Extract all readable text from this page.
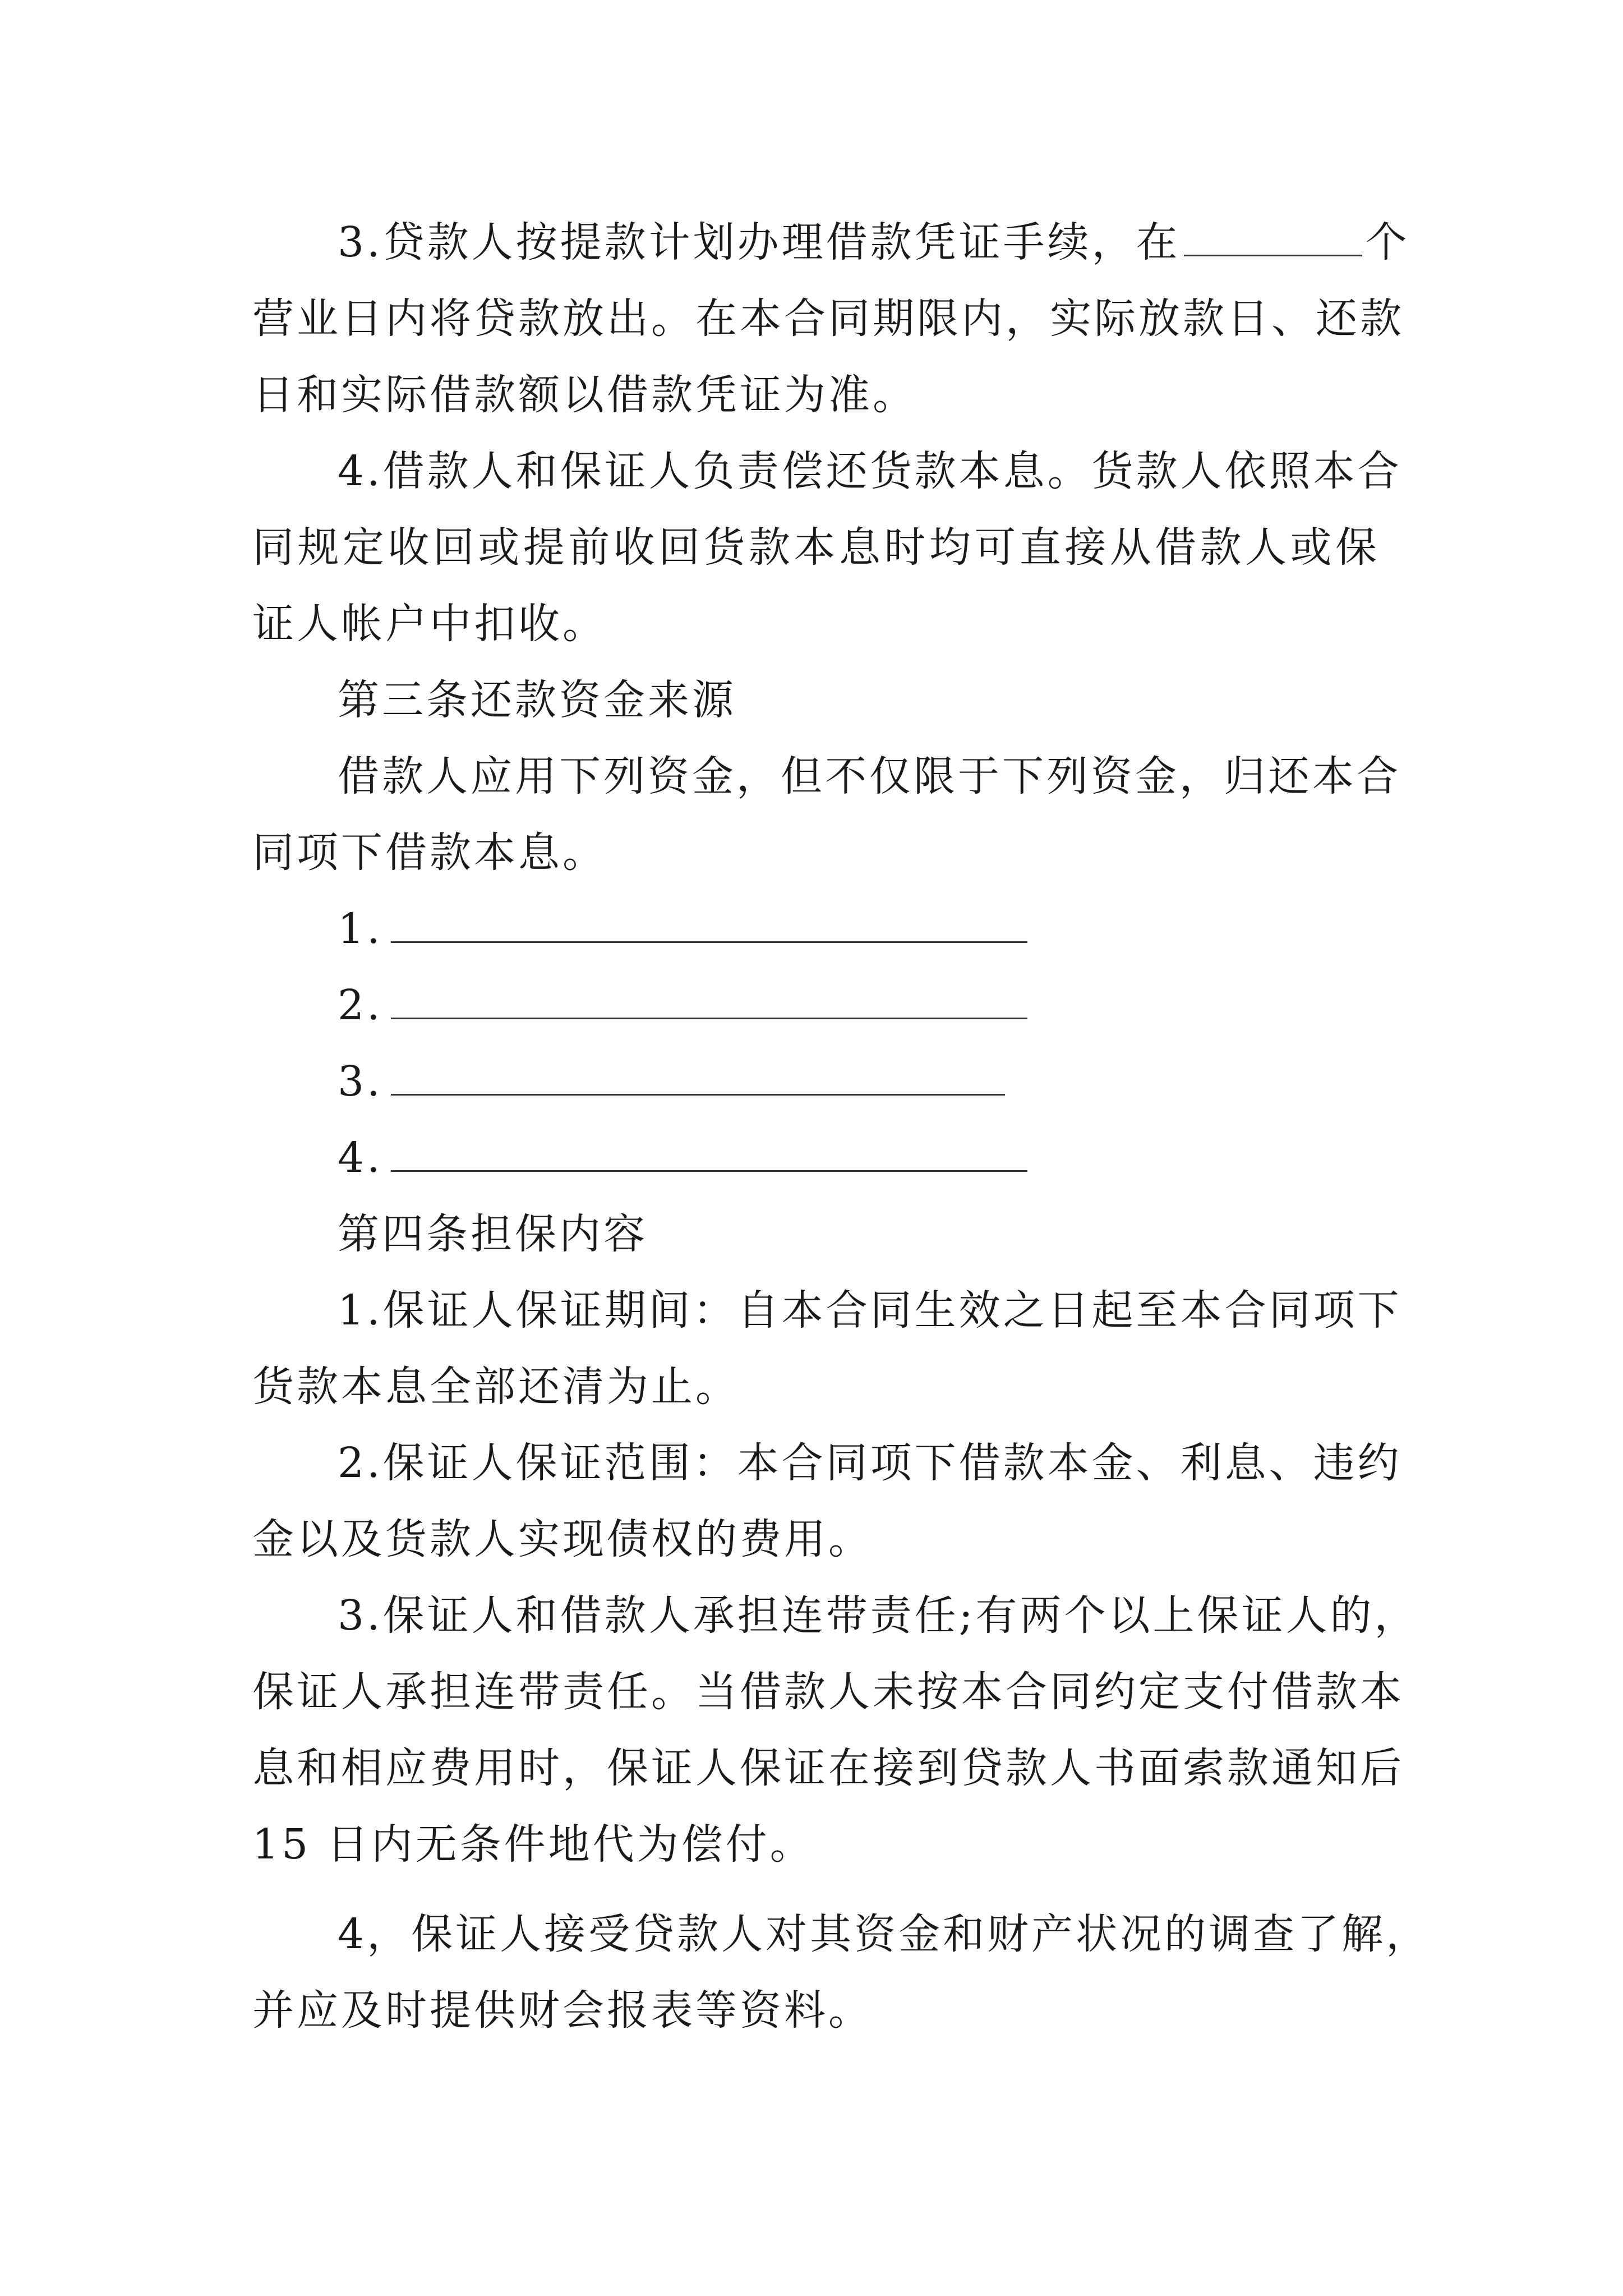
3.贷款人按提款计划办理借款凭证手续，在	个
营业日内将贷款放出。在本合同期限内，实际放款日、还款
日和实际借款额以借款凭证为准。
4.借款人和保证人负责偿还货款本息。货款人依照本合
同规定收回或提前收回货款本息时均可直接从借款人或保
证人帐户中扣收。
第三条还款资金来源
借款人应用下列资金，但不仅限于下列资金，归还本合
同项下借款本息。
1.
2.
3.
4.
第四条担保内容
1.保证人保证期间：自本合同生效之日起至本合同项下
货款本息全部还清为止。
2.保证人保证范围：本合同项下借款本金、利息、违约
金以及货款人实现债权的费用。
3.保证人和借款人承担连带责任;有两个以上保证人的，
保证人承担连带责任。当借款人未按本合同约定支付借款本
息和相应费用时，保证人保证在接到贷款人书面索款通知后
15 日内无条件地代为偿付。
4，保证人接受贷款人对其资金和财产状况的调查了解，
并应及时提供财会报表等资料。
